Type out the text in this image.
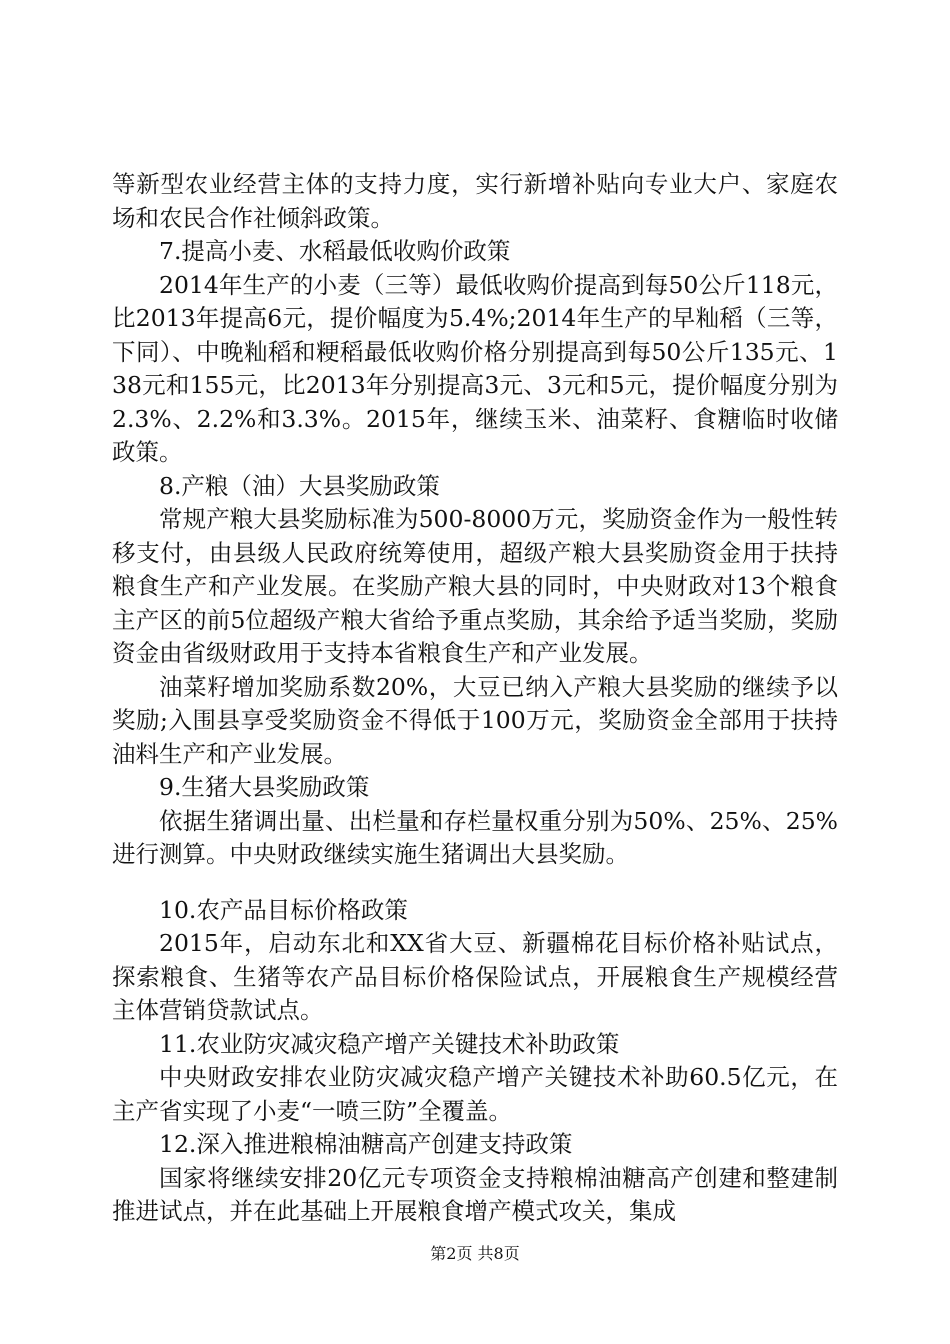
等新型农业经营主体的支持力度，实行新增补贴向专业大户、家庭农场和农民合作社倾斜政策。

7.提高小麦、水稻最低收购价政策

2014年生产的小麦（三等）最低收购价提高到每50公斤118元，比2013年提高6元，提价幅度为5.4%;2014年生产的早籼稻（三等，下同）、中晚籼稻和粳稻最低收购价格分别提高到每50公斤135元、138元和155元，比2013年分别提高3元、3元和5元，提价幅度分别为2.3%、2.2%和3.3%。2015年，继续玉米、油菜籽、食糖临时收储政策。

8.产粮（油）大县奖励政策

常规产粮大县奖励标准为500-8000万元，奖励资金作为一般性转移支付，由县级人民政府统筹使用，超级产粮大县奖励资金用于扶持粮食生产和产业发展。在奖励产粮大县的同时，中央财政对13个粮食主产区的前5位超级产粮大省给予重点奖励，其余给予适当奖励，奖励资金由省级财政用于支持本省粮食生产和产业发展。

油菜籽增加奖励系数20%，大豆已纳入产粮大县奖励的继续予以奖励;入围县享受奖励资金不得低于100万元，奖励资金全部用于扶持油料生产和产业发展。

9.生猪大县奖励政策

依据生猪调出量、出栏量和存栏量权重分别为50%、25%、25%进行测算。中央财政继续实施生猪调出大县奖励。

10.农产品目标价格政策

2015年，启动东北和XX省大豆、新疆棉花目标价格补贴试点，探索粮食、生猪等农产品目标价格保险试点，开展粮食生产规模经营主体营销贷款试点。

11.农业防灾减灾稳产增产关键技术补助政策

中央财政安排农业防灾减灾稳产增产关键技术补助60.5亿元，在主产省实现了小麦“一喷三防”全覆盖。

12.深入推进粮棉油糖高产创建支持政策

国家将继续安排20亿元专项资金支持粮棉油糖高产创建和整建制推进试点，并在此基础上开展粮食增产模式攻关，集成

第2页 共8页
